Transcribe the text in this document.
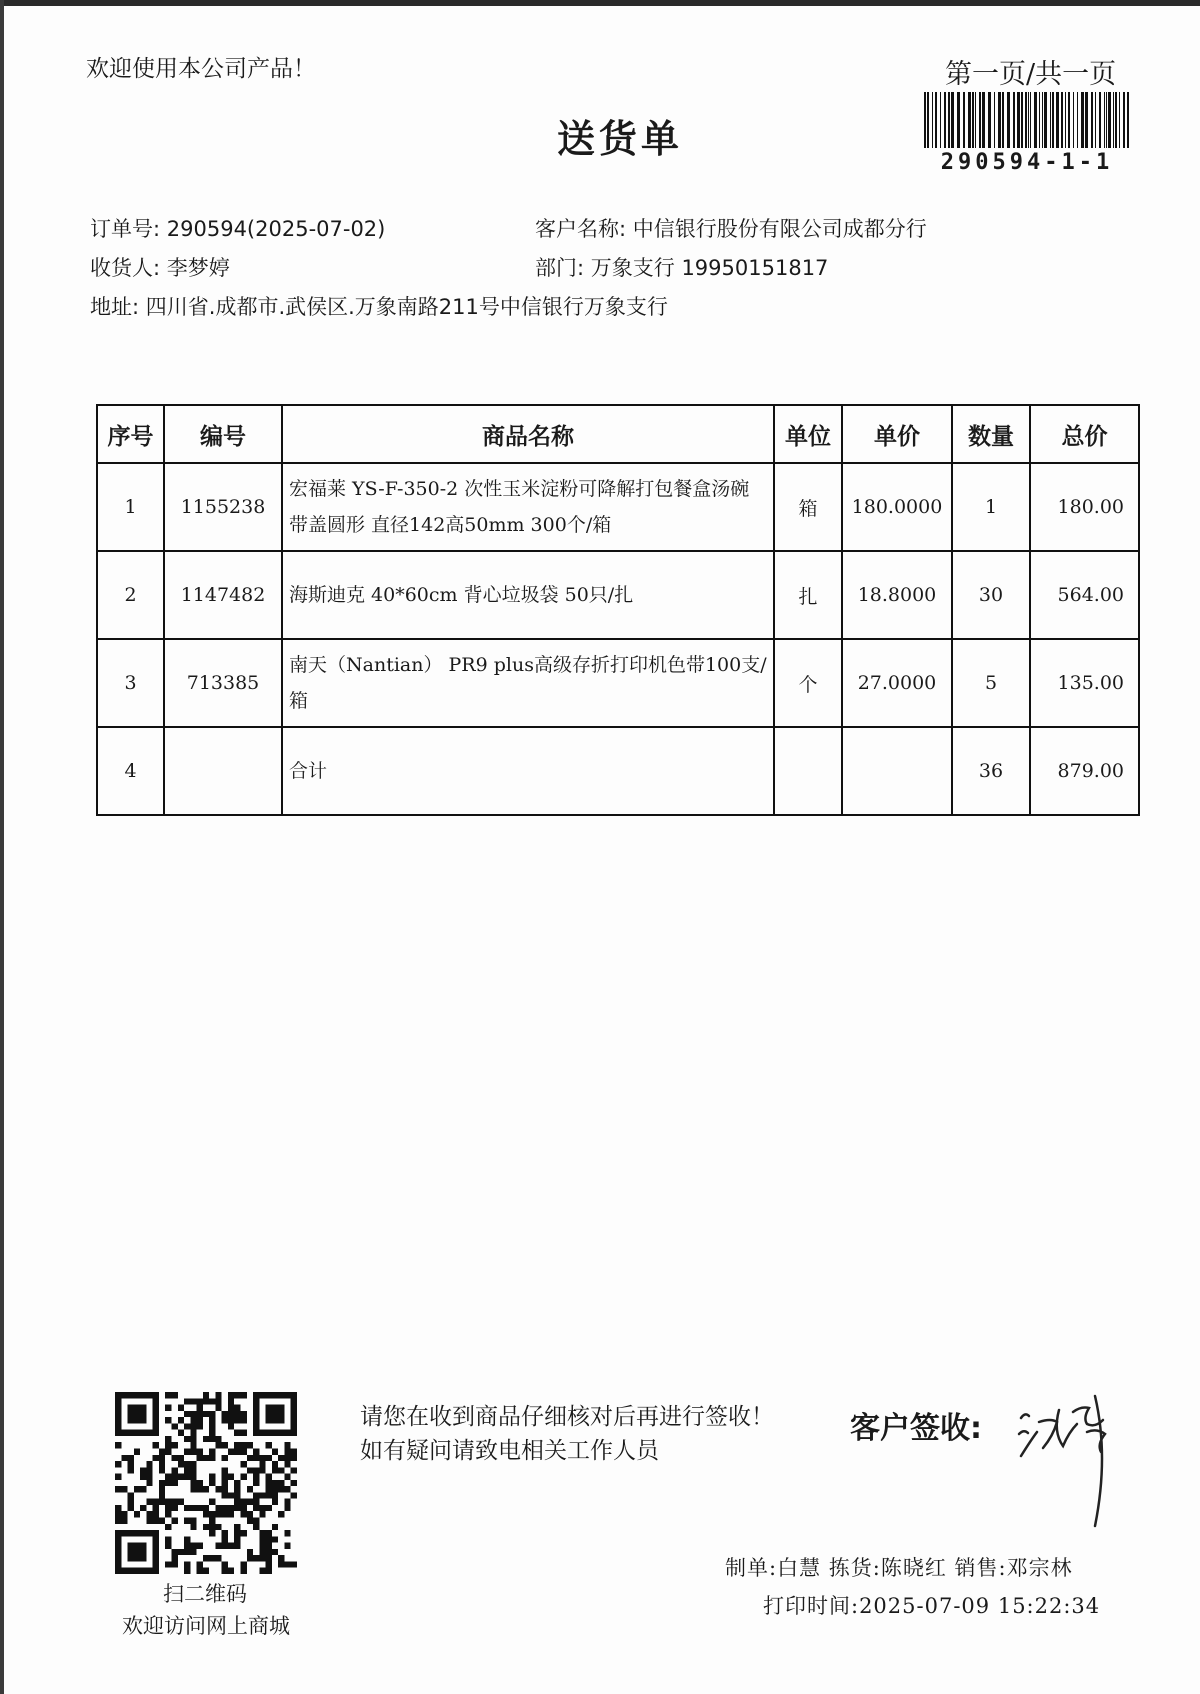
欢迎使用本公司产品！
送货单
第一页/共一页
290594-1-1
订单号: 290594(2025-07-02)	客户名称: 中信银行股份有限公司成都分行
收货人: 李梦婷	部门: 万象支行 19950151817
地址: 四川省.成都市.武侯区.万象南路211号中信银行万象支行
序号	编号	商品名称	单位	单价	数量	总价
1	1155238	宏福莱 YS-F-350-2 次性玉米淀粉可降解打包餐盒汤碗 带盖圆形 直径142高50mm 300个/箱	箱	180.0000	1	180.00
2	1147482	海斯迪克 40*60cm 背心垃圾袋 50只/扎	扎	18.8000	30	564.00
3	713385	南天（Nantian） PR9 plus高级存折打印机色带100支/箱	个	27.0000	5	135.00
4		合计			36	879.00
扫二维码
欢迎访问网上商城
请您在收到商品仔细核对后再进行签收！如有疑问请致电相关工作人员
客户签收:
制单:白慧 拣货:陈晓红 销售:邓宗林
打印时间:2025-07-09 15:22:34
